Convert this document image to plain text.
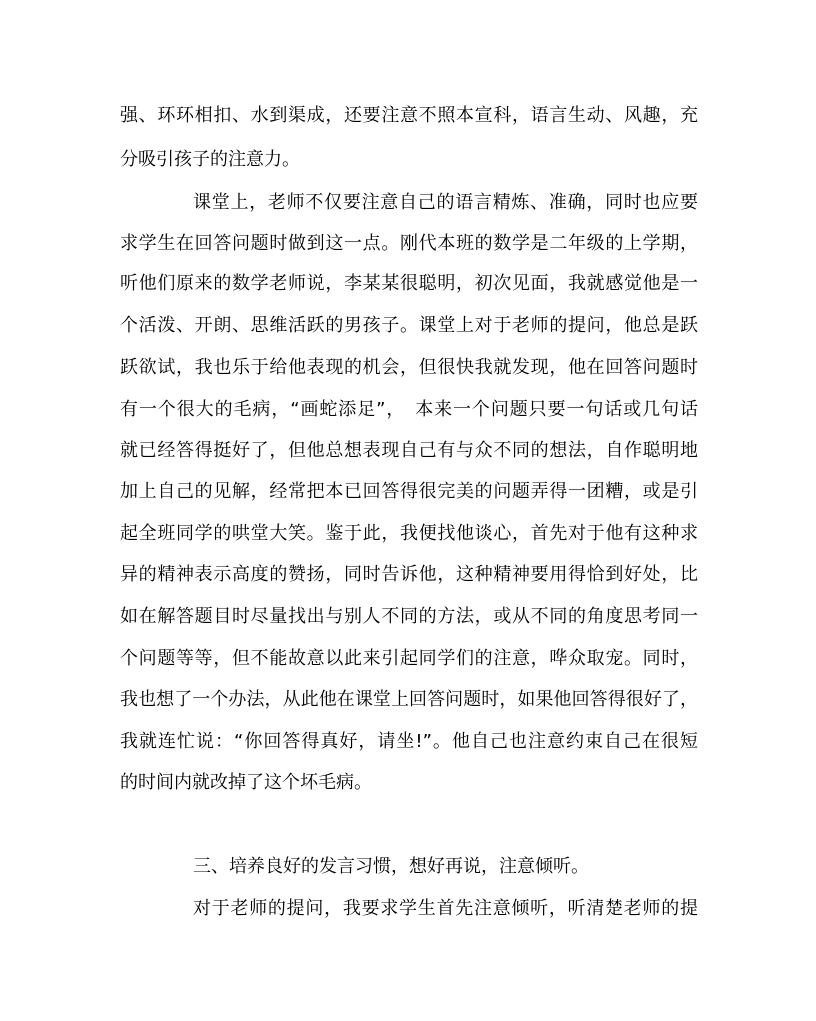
强、环环相扣、水到渠成，还要注意不照本宣科，语言生动、风趣，充
分吸引孩子的注意力。
课堂上，老师不仅要注意自己的语言精炼、准确，同时也应要
求学生在回答问题时做到这一点。刚代本班的数学是二年级的上学期，
听他们原来的数学老师说，李某某很聪明，初次见面，我就感觉他是一
个活泼、开朗、思维活跃的男孩子。课堂上对于老师的提问，他总是跃
跃欲试，我也乐于给他表现的机会，但很快我就发现，他在回答问题时
有一个很大的毛病，“画蛇添足”，　本来一个问题只要一句话或几句话
就已经答得挺好了，但他总想表现自己有与众不同的想法，自作聪明地
加上自己的见解，经常把本已回答得很完美的问题弄得一团糟，或是引
起全班同学的哄堂大笑。鉴于此，我便找他谈心，首先对于他有这种求
异的精神表示高度的赞扬，同时告诉他，这种精神要用得恰到好处，比
如在解答题目时尽量找出与别人不同的方法，或从不同的角度思考同一
个问题等等，但不能故意以此来引起同学们的注意，哗众取宠。同时，
我也想了一个办法，从此他在课堂上回答问题时，如果他回答得很好了，
我就连忙说：“你回答得真好，请坐!”。他自己也注意约束自己在很短
的时间内就改掉了这个坏毛病。
三、培养良好的发言习惯，想好再说，注意倾听。
对于老师的提问，我要求学生首先注意倾听，听清楚老师的提
